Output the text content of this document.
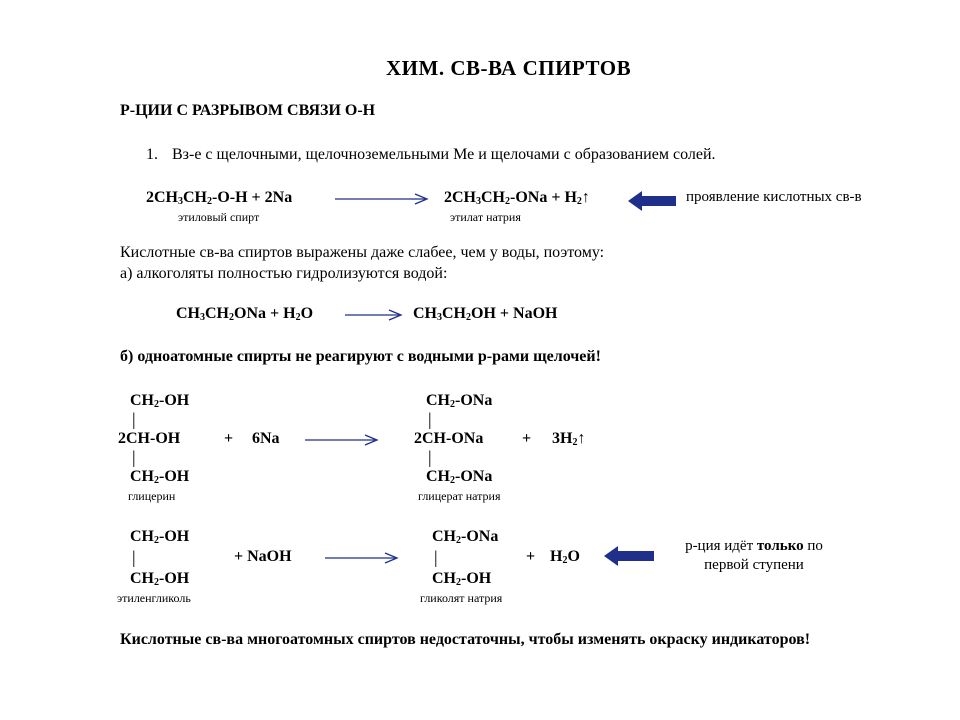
ХИМ. СВ-ВА СПИРТОВ
Р-ЦИИ С РАЗРЫВОМ СВЯЗИ О-Н
1. Вз-е с щелочными, щелочноземельными Ме и щелочами с образованием солей.
$2CH_3CH_2-O-H + 2Na$
этиловый спирт
$2CH_3CH_2$-ONa + $H_2↑$
этилат натрия
проявление кислотных св-в
Кислотные св-ва спиртов выражены даже слабее, чем у воды, поэтому:
а) алкоголяты полностью гидролизуются водой:
$CH_3CH_2ONa + H_2O \to CH_3CH_2OH$ + NaOH
б) одноатомные спирты не реагируют с водными р-рами щелочей!
$CH_2-OH$
|
2CH-OH
|
$CH_2-OH$
глицерин
+ 6Na
$CH_2$-ONa
|
2CH-ONa
|
$CH_2$-ONa
глицерат натрия
+ $3H_2↑$
$CH_2-OH$
|
$CH_2-OH$
этиленгликоль
+ NaOH
$CH_2$-ONa
|
$CH_2-OH$
гликолят натрия
+ $H_2O$
р-ция идёт только по
первой ступени
Кислотные св-ва многоатомных спиртов недостаточны, чтобы изменять окраску индикаторов!
